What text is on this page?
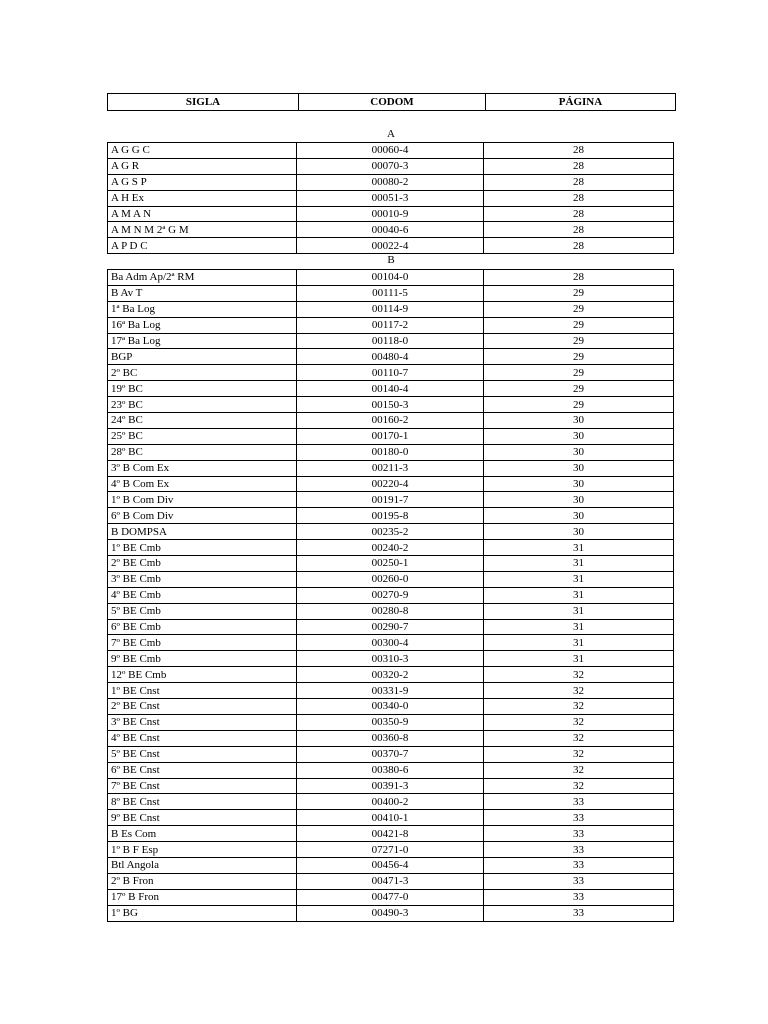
SIGLA	CODOM	PÁGINA
A
A G G C	00060-4	28
A G R	00070-3	28
A G S P	00080-2	28
A H Ex	00051-3	28
A M A N	00010-9	28
A M N M 2ª G M	00040-6	28
A P D C	00022-4	28
B
Ba Adm Ap/2ª RM	00104-0	28
B Av T	00111-5	29
1ª Ba Log	00114-9	29
16ª Ba Log	00117-2	29
17ª Ba Log	00118-0	29
BGP	00480-4	29
2º BC	00110-7	29
19º BC	00140-4	29
23º BC	00150-3	29
24º BC	00160-2	30
25º BC	00170-1	30
28º BC	00180-0	30
3º B Com Ex	00211-3	30
4º B Com Ex	00220-4	30
1º B Com Div	00191-7	30
6º B Com Div	00195-8	30
B DOMPSA	00235-2	30
1º BE Cmb	00240-2	31
2º BE Cmb	00250-1	31
3º BE Cmb	00260-0	31
4º BE Cmb	00270-9	31
5º BE Cmb	00280-8	31
6º BE Cmb	00290-7	31
7º BE Cmb	00300-4	31
9º BE Cmb	00310-3	31
12º BE Cmb	00320-2	32
1º BE Cnst	00331-9	32
2º BE Cnst	00340-0	32
3º BE Cnst	00350-9	32
4º BE Cnst	00360-8	32
5º BE Cnst	00370-7	32
6º BE Cnst	00380-6	32
7º BE Cnst	00391-3	32
8º BE Cnst	00400-2	33
9º BE Cnst	00410-1	33
B Es Com	00421-8	33
1º B F Esp	07271-0	33
Btl Angola	00456-4	33
2º B Fron	00471-3	33
17º B Fron	00477-0	33
1º BG	00490-3	33
